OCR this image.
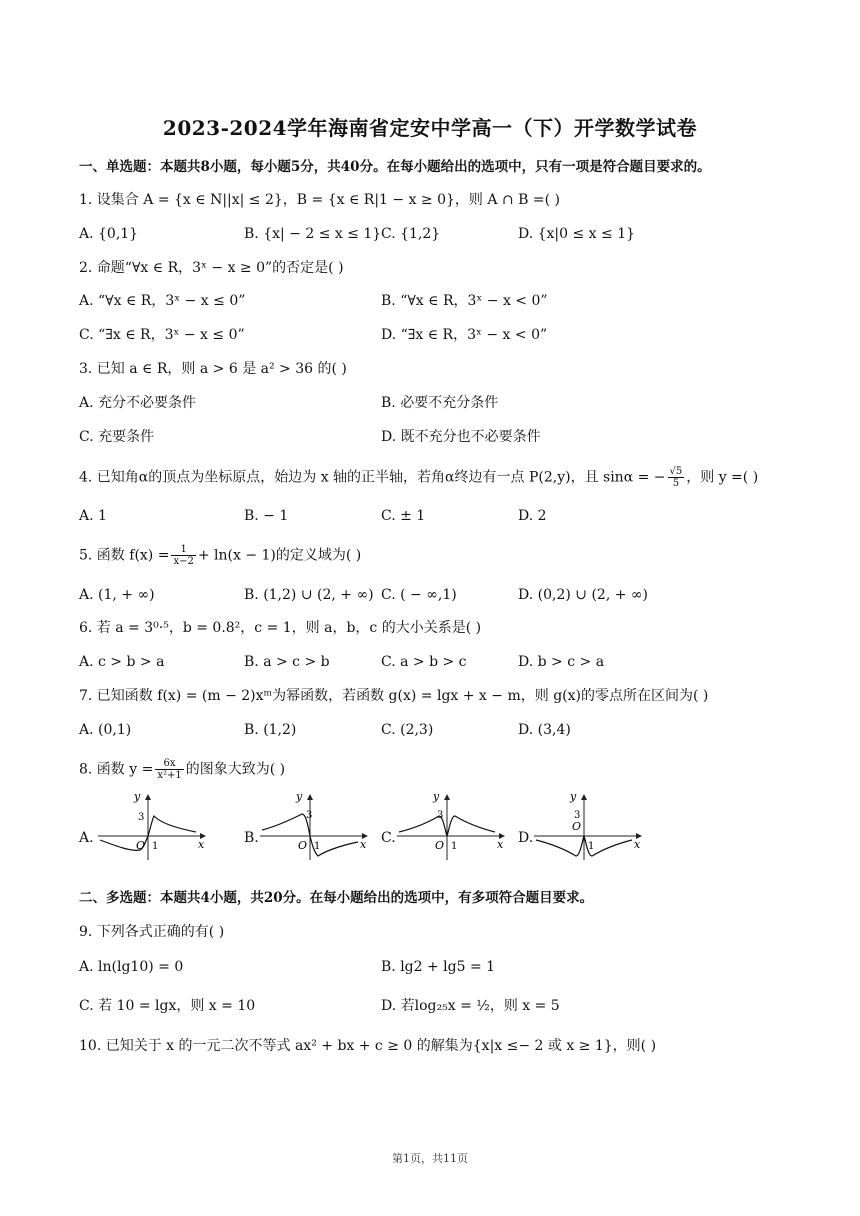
2023-2024学年海南省定安中学高一（下）开学数学试卷
一、单选题：本题共8小题，每小题5分，共40分。在每小题给出的选项中，只有一项是符合题目要求的。
1. 设集合 A = {x ∈ N||x| ≤ 2}，B = {x ∈ R|1 − x ≥ 0}，则 A ∩ B =( )
A. {0,1}	B. {x| − 2 ≤ x ≤ 1} C. {1,2}	D. {x|0 ≤ x ≤ 1}
2. 命题“∀x ∈ R，3ˣ − x ≥ 0”的否定是( )
A. “∀x ∈ R，3ˣ − x ≤ 0”	B. “∀x ∈ R，3ˣ − x < 0”
C. “∃x ∈ R，3ˣ − x ≤ 0”	D. “∃x ∈ R，3ˣ − x < 0”
3. 已知 a ∈ R，则 a > 6 是 a² > 36 的( )
A. 充分不必要条件	B. 必要不充分条件
C. 充要条件	D. 既不充分也不必要条件
4. 已知角α的顶点为坐标原点，始边为 x 轴的正半轴，若角α终边有一点 P(2,y)，且 sinα = − $\frac{√5}{5}$ ，则 y =( )
A. 1	B. − 1	C. ± 1	D. 2
5. 函数 $f(x) = \frac{1}{x-2} + \ln(x - 1)$的定义域为( )
A. (1, + ∞)	B. (1,2) ∪ (2, + ∞) C. ( − ∞,1)	D. (0,2) ∪ (2, + ∞)
6. 若 a = 3⁰·⁵，b = 0.8²，c = 1，则 a，b，c 的大小关系是( )
A. c > b > a	B. a > c > b	C. a > b > c	D. b > c > a
7. 已知函数 f(x) = (m − 2)xᵐ为幂函数，若函数 g(x) = lgx + x − m，则 g(x)的零点所在区间为( )
A. (0,1)	B. (1,2)	C. (2,3)	D. (3,4)
8. 函数 $y = \frac{6x}{\text{x²+1}}$ 的图象大致为( )
A.	B.	C.	D.
y
x
O 1
3
y
x
O 1
3
y
x
O 1
3
y
x
O
1
3
二、多选题：本题共4小题，共20分。在每小题给出的选项中，有多项符合题目要求。
9. 下列各式正确的有( )
A. ln(lg10) = 0	B. lg2 + lg5 = 1
C. 若 10 = lgx，则 x = 10	D. 若log₂₅x = ½，则 x = 5
10. 已知关于 x 的一元二次不等式 ax² + bx + c ≥ 0 的解集为{x|x ≤− 2 或 x ≥ 1}，则( )
第1页，共11页
